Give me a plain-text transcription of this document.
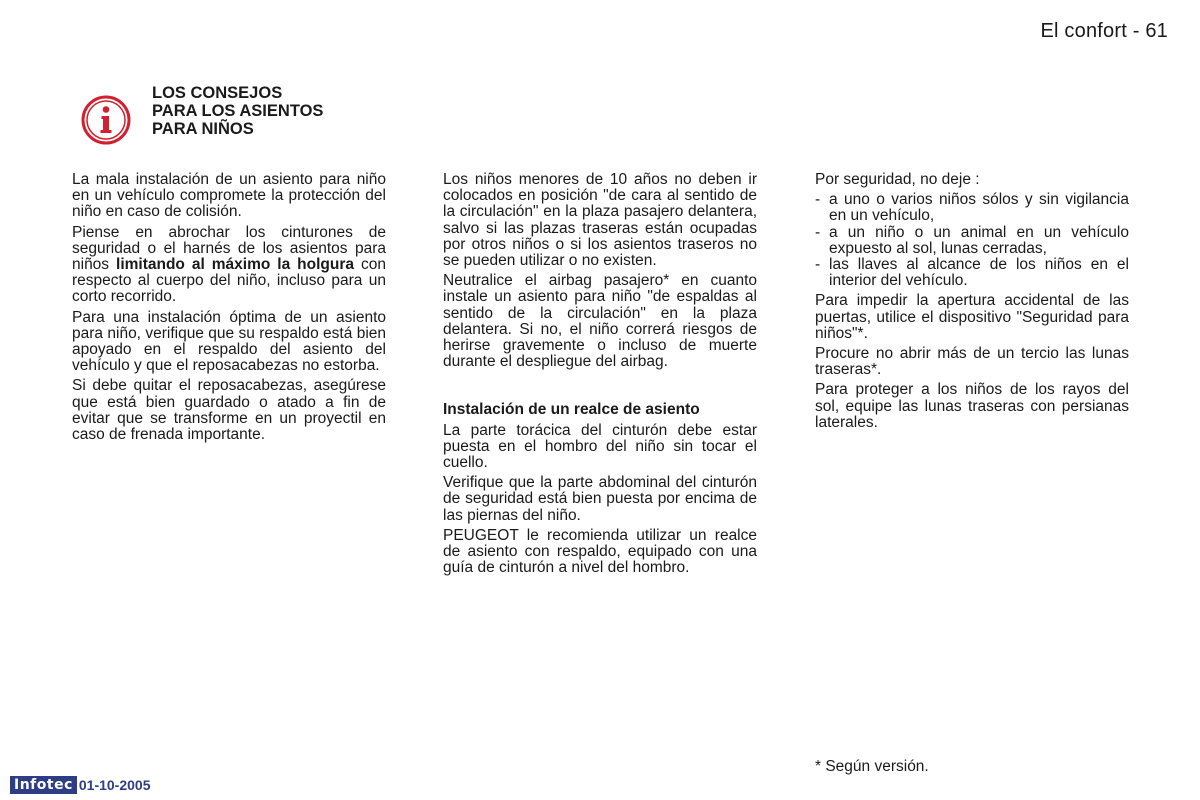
El confort - 61
LOS CONSEJOS
PARA LOS ASIENTOS
PARA NIÑOS

La mala instalación de un asiento para niño en un vehículo compromete la protección del niño en caso de colisión.

Piense en abrochar los cinturones de seguridad o el harnés de los asientos para niños limitando al máximo la holgura con respecto al cuerpo del niño, incluso para un corto recorrido.

Para una instalación óptima de un asiento para niño, verifique que su respaldo está bien apoyado en el respaldo del asiento del vehículo y que el reposacabezas no estorba.

Si debe quitar el reposacabezas, asegúrese que está bien guardado o atado a fin de evitar que se transforme en un proyectil en caso de frenada importante.

Los niños menores de 10 años no deben ir colocados en posición "de cara al sentido de la circulación" en la plaza pasajero delantera, salvo si las plazas traseras están ocupadas por otros niños o si los asientos traseros no se pueden utilizar o no existen.

Neutralice el airbag pasajero* en cuanto instale un asiento para niño "de espaldas al sentido de la circulación" en la plaza delantera. Si no, el niño correrá riesgos de herirse gravemente o incluso de muerte durante el despliegue del airbag.

Instalación de un realce de asiento

La parte torácica del cinturón debe estar puesta en el hombro del niño sin tocar el cuello.

Verifique que la parte abdominal del cinturón de seguridad está bien puesta por encima de las piernas del niño.

PEUGEOT le recomienda utilizar un realce de asiento con respaldo, equipado con una guía de cinturón a nivel del hombro.

Por seguridad, no deje :

- a uno o varios niños sólos y sin vigilancia en un vehículo,
- a un niño o un animal en un vehículo expuesto al sol, lunas cerradas,
- las llaves al alcance de los niños en el interior del vehículo.

Para impedir la apertura accidental de las puertas, utilice el dispositivo "Seguridad para niños"*.

Procure no abrir más de un tercio las lunas traseras*.

Para proteger a los niños de los rayos del sol, equipe las lunas traseras con persianas laterales.

* Según versión.
Infotec 01-10-2005
